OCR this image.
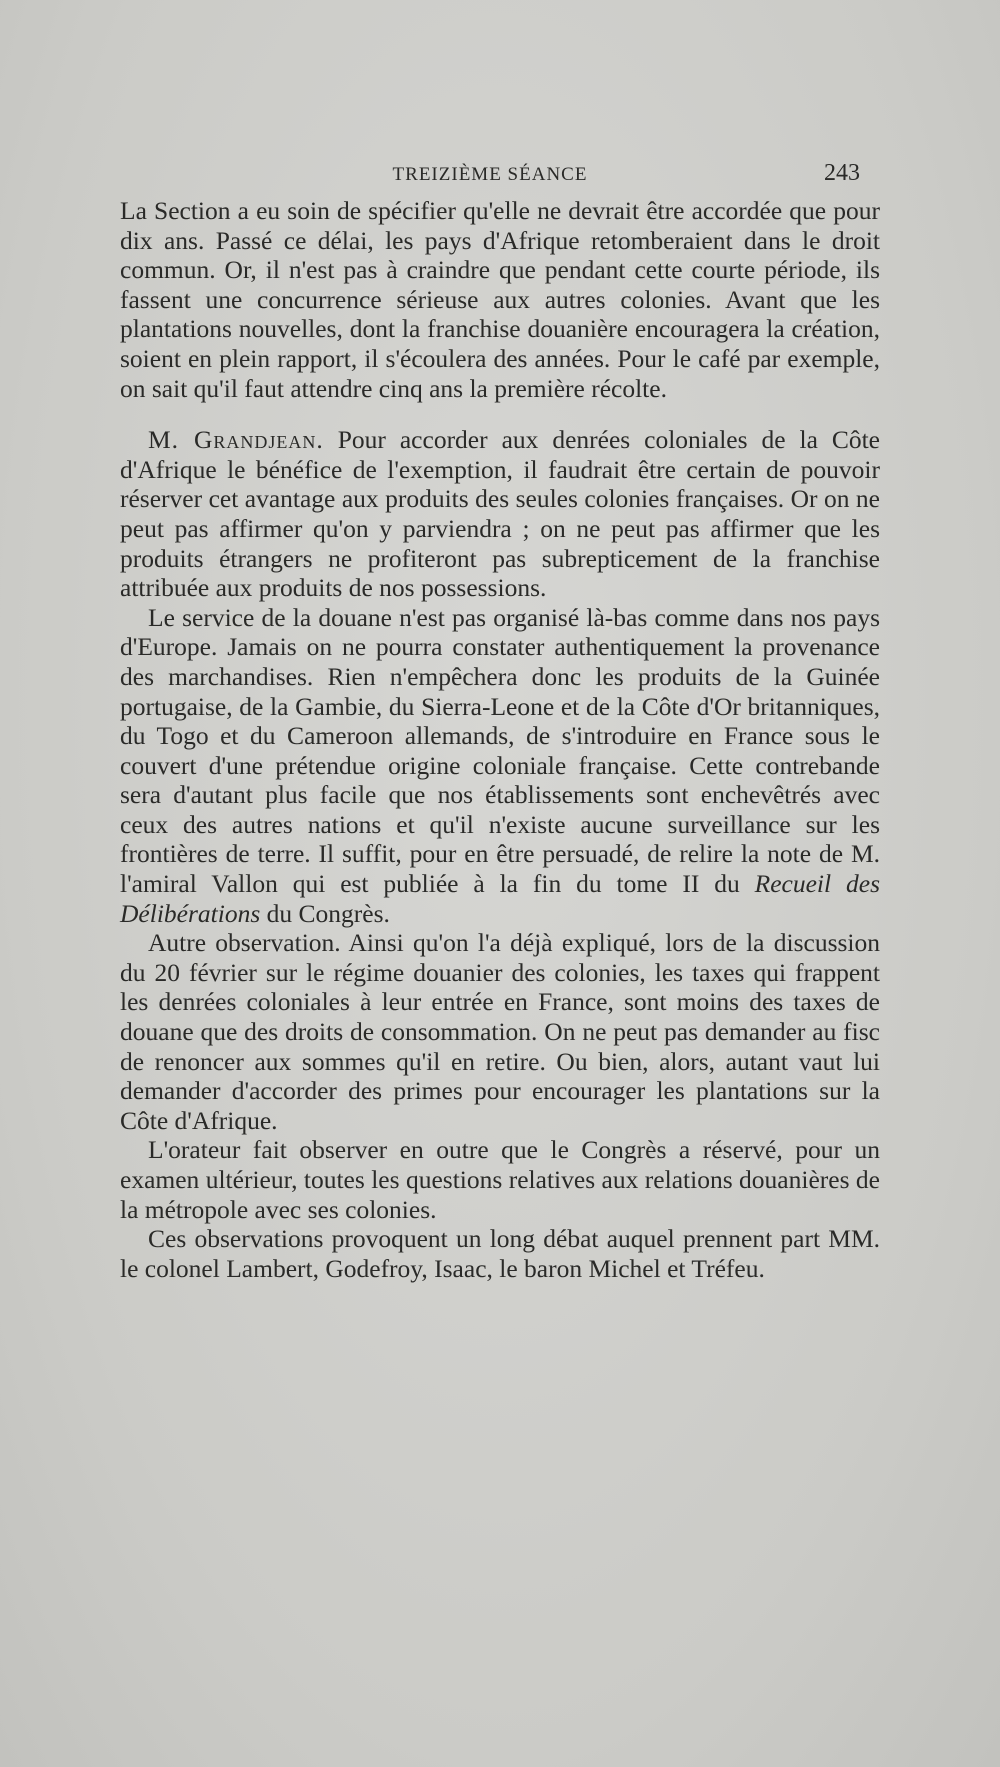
TREIZIÈME SÉANCE	243

La Section a eu soin de spécifier qu'elle ne devrait être accordée que pour dix ans. Passé ce délai, les pays d'Afrique retomberaient dans le droit commun. Or, il n'est pas à craindre que pendant cette courte période, ils fassent une concurrence sérieuse aux autres colonies. Avant que les plantations nouvelles, dont la franchise douanière encouragera la création, soient en plein rapport, il s'écoulera des années. Pour le café par exemple, on sait qu'il faut attendre cinq ans la première récolte.

M. Grandjean. Pour accorder aux denrées coloniales de la Côte d'Afrique le bénéfice de l'exemption, il faudrait être certain de pouvoir réserver cet avantage aux produits des seules colonies françaises. Or on ne peut pas affirmer qu'on y parviendra ; on ne peut pas affirmer que les produits étrangers ne profiteront pas subrepticement de la franchise attribuée aux produits de nos possessions.

Le service de la douane n'est pas organisé là-bas comme dans nos pays d'Europe. Jamais on ne pourra constater authentiquement la provenance des marchandises. Rien n'empêchera donc les produits de la Guinée portugaise, de la Gambie, du Sierra-Leone et de la Côte d'Or britanniques, du Togo et du Cameroon allemands, de s'introduire en France sous le couvert d'une prétendue origine coloniale française. Cette contrebande sera d'autant plus facile que nos établissements sont enchevêtrés avec ceux des autres nations et qu'il n'existe aucune surveillance sur les frontières de terre. Il suffit, pour en être persuadé, de relire la note de M. l'amiral Vallon qui est publiée à la fin du tome II du Recueil des Délibérations du Congrès.

Autre observation. Ainsi qu'on l'a déjà expliqué, lors de la discussion du 20 février sur le régime douanier des colonies, les taxes qui frappent les denrées coloniales à leur entrée en France, sont moins des taxes de douane que des droits de consommation. On ne peut pas demander au fisc de renoncer aux sommes qu'il en retire. Ou bien, alors, autant vaut lui demander d'accorder des primes pour encourager les plantations sur la Côte d'Afrique.

L'orateur fait observer en outre que le Congrès a réservé, pour un examen ultérieur, toutes les questions relatives aux relations douanières de la métropole avec ses colonies.

Ces observations provoquent un long débat auquel prennent part MM. le colonel Lambert, Godefroy, Isaac, le baron Michel et Tréfeu.
